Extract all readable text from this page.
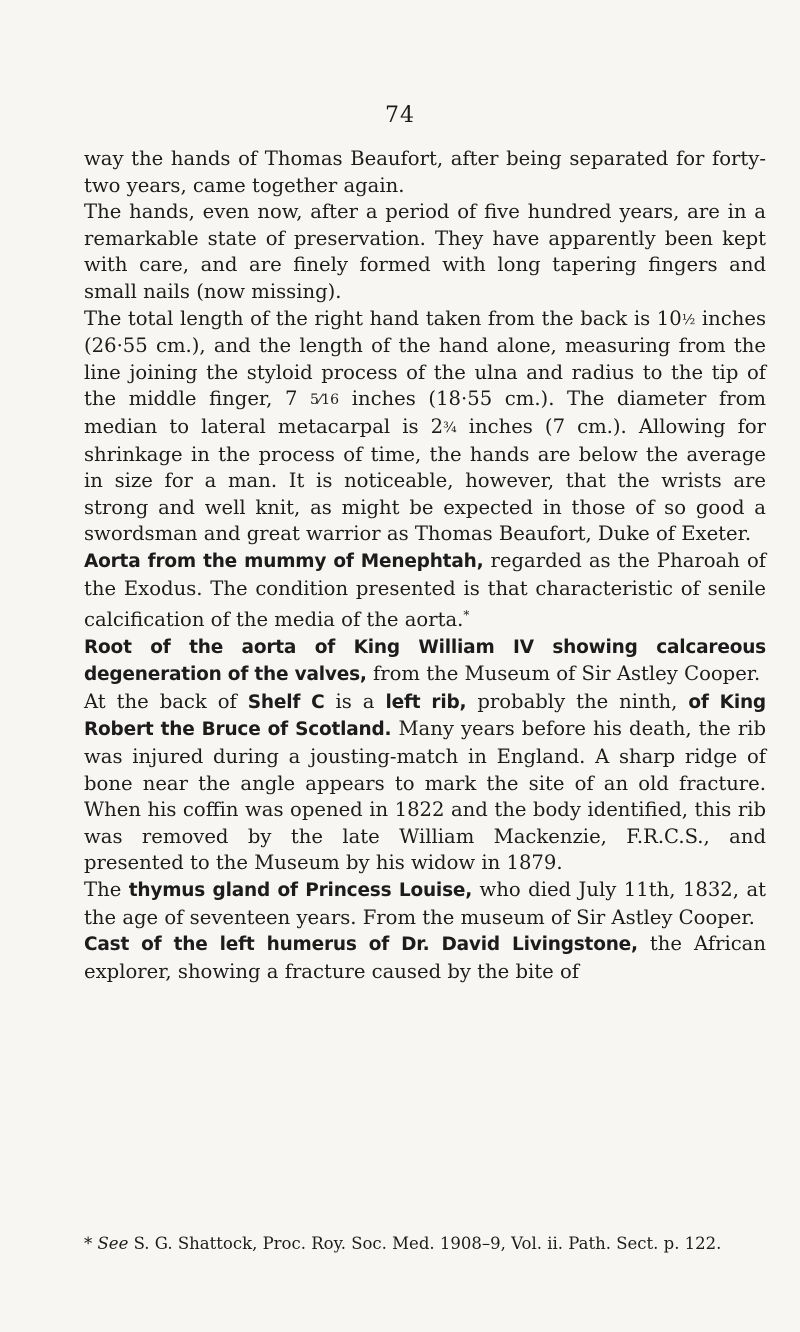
74

way the hands of Thomas Beaufort, after being separated for forty-two years, came together again.

The hands, even now, after a period of five hundred years, are in a remarkable state of preservation. They have apparently been kept with care, and are finely formed with long tapering fingers and small nails (now missing).

The total length of the right hand taken from the back is 10½ inches (26·55 cm.), and the length of the hand alone, measuring from the line joining the styloid process of the ulna and radius to the tip of the middle finger, 7 5⁄16 inches (18·55 cm.). The diameter from median to lateral metacarpal is 2¾ inches (7 cm.). Allowing for shrinkage in the process of time, the hands are below the average in size for a man. It is noticeable, however, that the wrists are strong and well knit, as might be expected in those of so good a swordsman and great warrior as Thomas Beaufort, Duke of Exeter.

Aorta from the mummy of Menephtah, regarded as the Pharoah of the Exodus. The condition presented is that characteristic of senile calcification of the media of the aorta.*

Root of the aorta of King William IV showing calcareous degeneration of the valves, from the Museum of Sir Astley Cooper.

At the back of Shelf C is a left rib, probably the ninth, of King Robert the Bruce of Scotland. Many years before his death, the rib was injured during a jousting-match in England. A sharp ridge of bone near the angle appears to mark the site of an old fracture. When his coffin was opened in 1822 and the body identified, this rib was removed by the late William Mackenzie, F.R.C.S., and presented to the Museum by his widow in 1879.

The thymus gland of Princess Louise, who died July 11th, 1832, at the age of seventeen years. From the museum of Sir Astley Cooper.

Cast of the left humerus of Dr. David Livingstone, the African explorer, showing a fracture caused by the bite of

* See S. G. Shattock, Proc. Roy. Soc. Med. 1908–9, Vol. ii. Path. Sect. p. 122.
